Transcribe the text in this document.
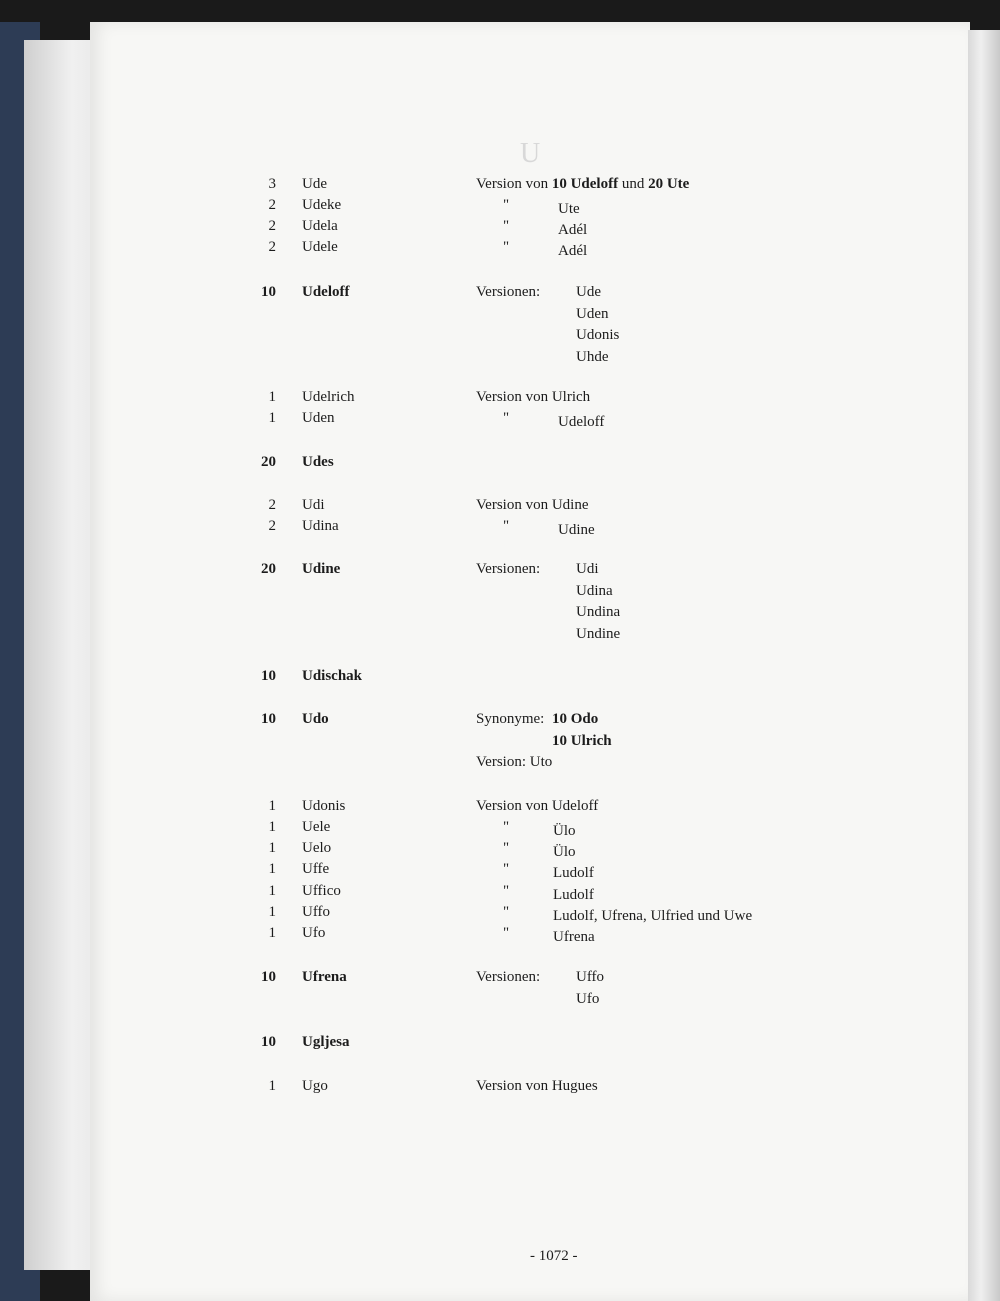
U
3 Ude	Version von 10 Udeloff und 20 Ute
2 Udeke	"	Ute
2 Udela	"	Adél
2 Udele	"	Adél
10 Udeloff	Versionen: Ude
Uden
Udonis
Uhde
1 Udelrich	Version von Ulrich
1 Uden	"	Udeloff
20 Udes
2 Udi	Version von Udine
2 Udina	"	Udine
20 Udine	Versionen: Udi
Udina
Undina
Undine
10 Udischak
10 Udo	Synonyme: 10 Odo
10 Ulrich
Version: Uto
1 Udonis	Version von Udeloff
1 Uele	"	Ülo
1 Uelo	"	Ülo
1 Uffe	"	Ludolf
1 Uffico	"	Ludolf
1 Uffo	"	Ludolf, Ufrena, Ulfried und Uwe
1 Ufo	"	Ufrena
10 Ufrena	Versionen: Uffo
Ufo
10 Ugljesa
1 Ugo	Version von Hugues
- 1072 -
